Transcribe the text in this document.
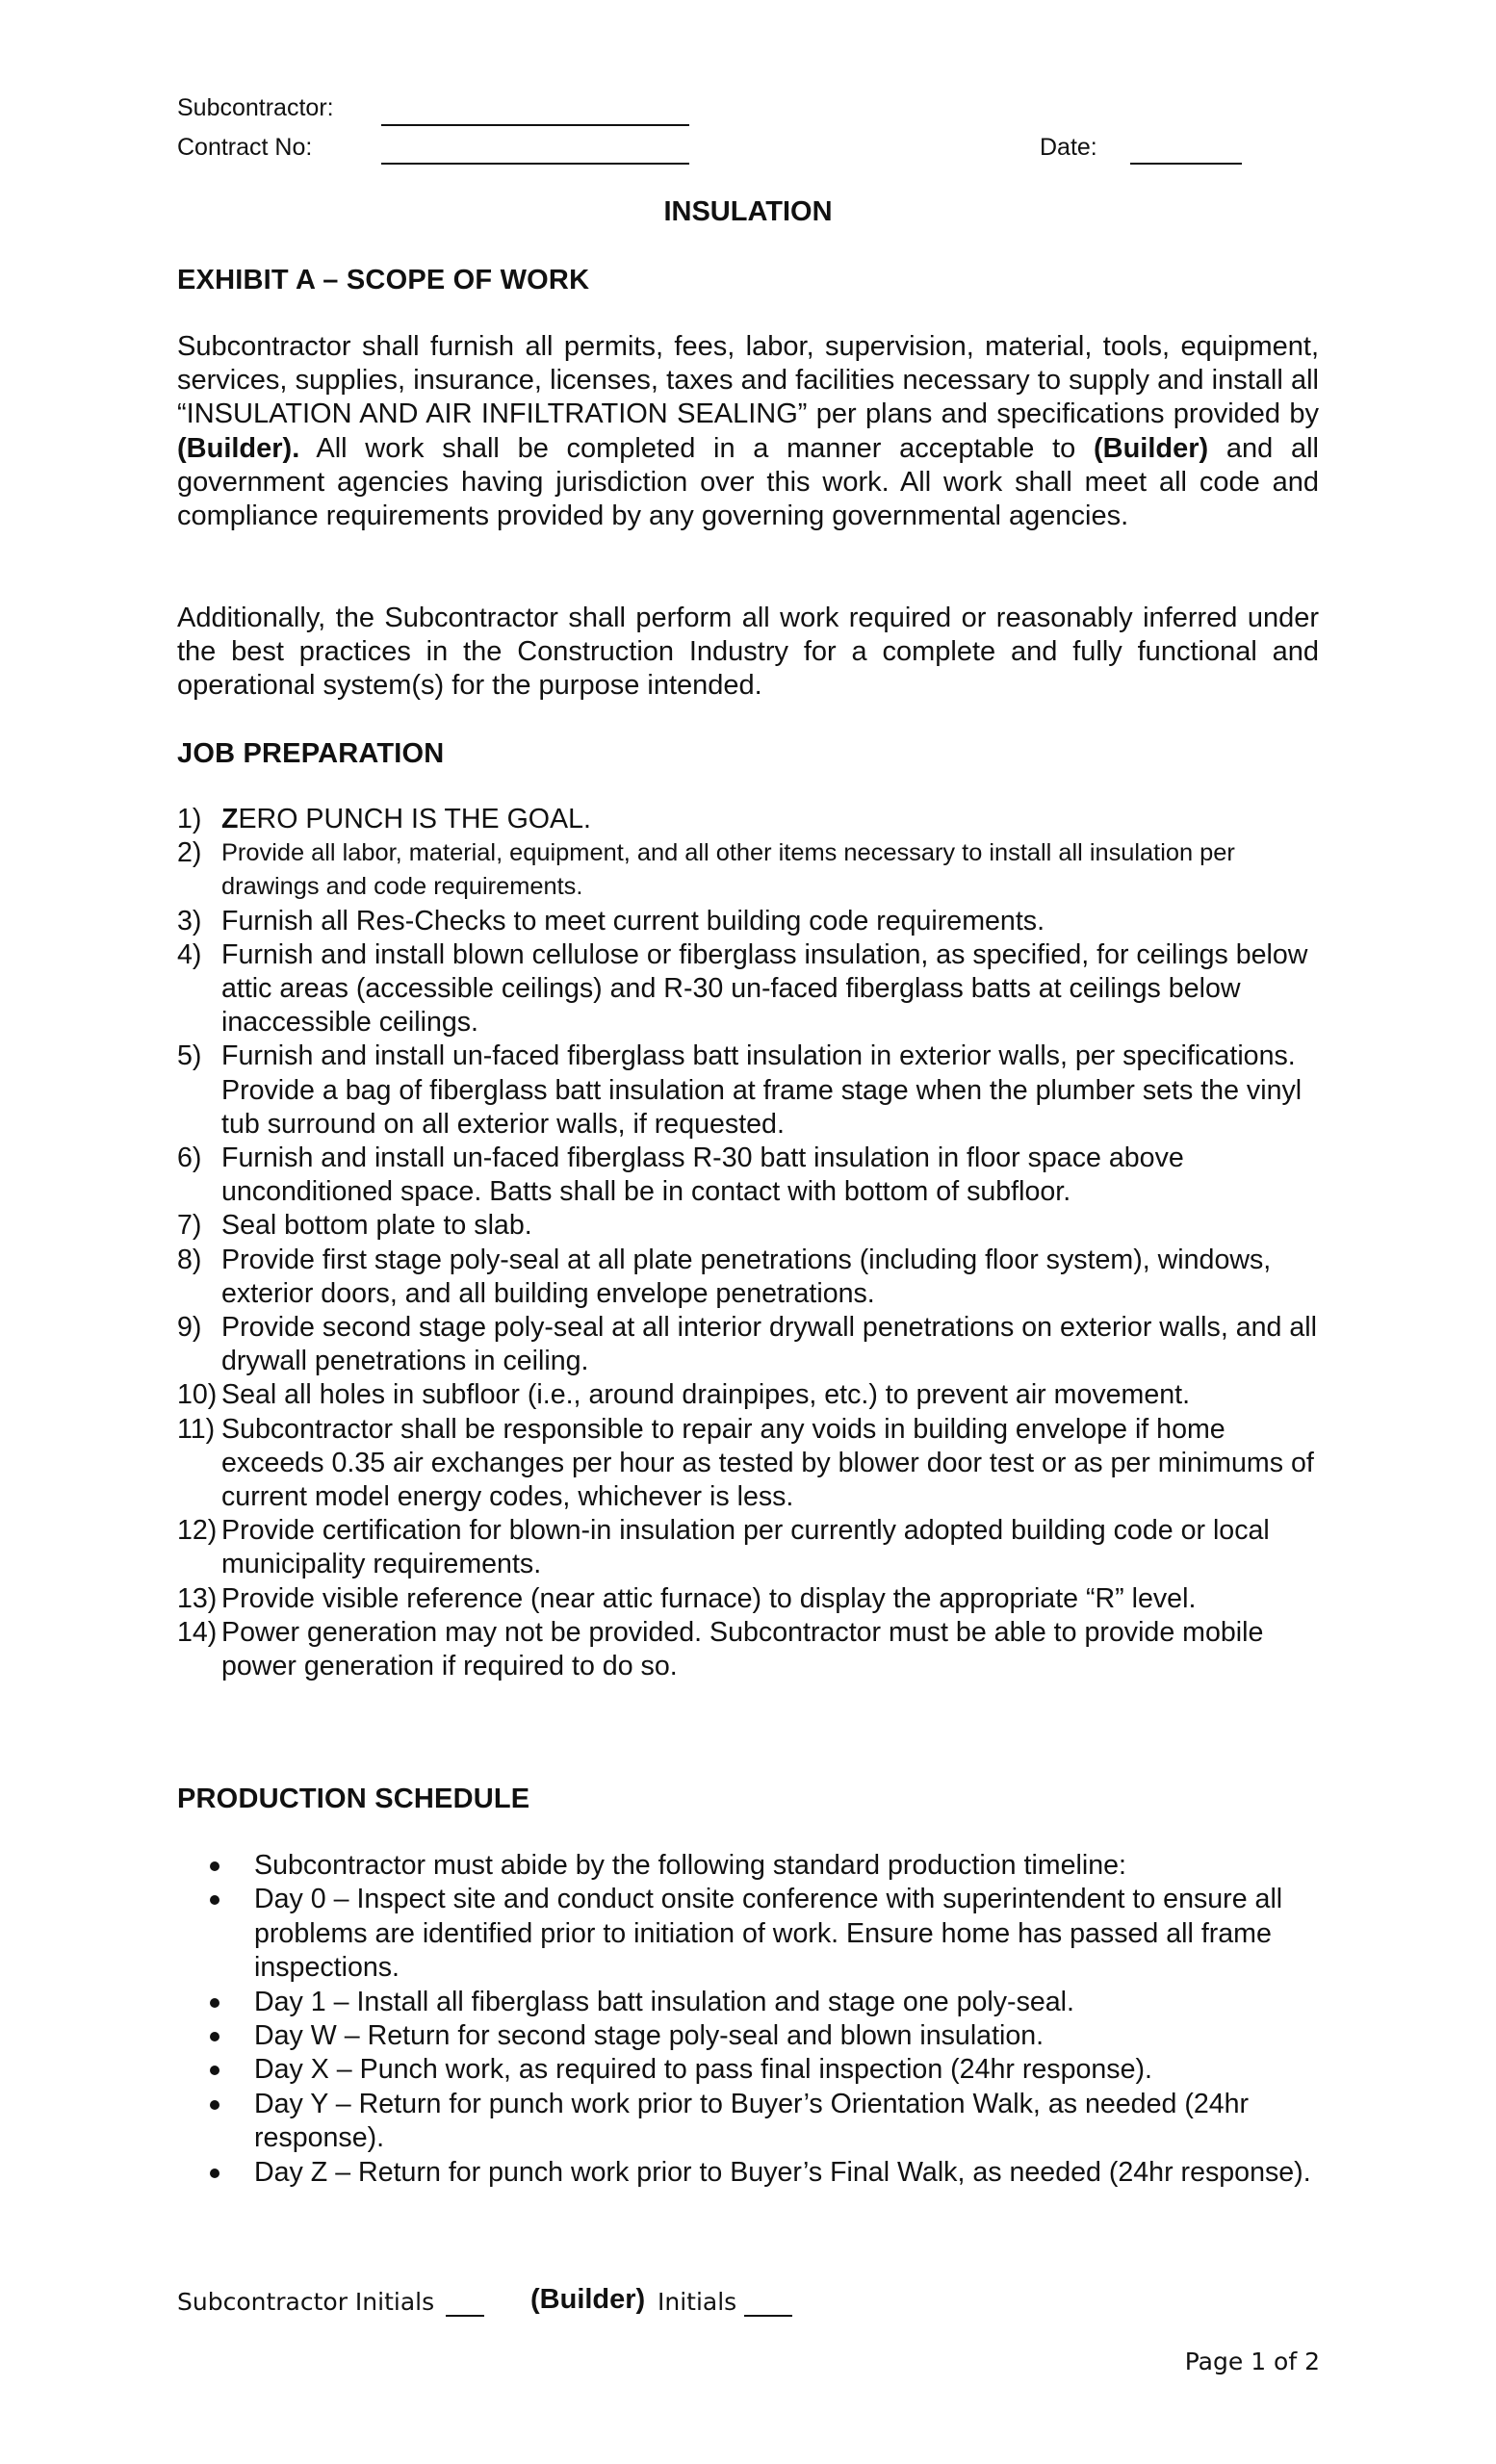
Subcontractor:
Contract No:	Date:
INSULATION
EXHIBIT A – SCOPE OF WORK
Subcontractor shall furnish all permits, fees, labor, supervision, material, tools, equipment, services, supplies, insurance, licenses, taxes and facilities necessary to supply and install all “INSULATION AND AIR INFILTRATION SEALING” per plans and specifications provided by (Builder). All work shall be completed in a manner acceptable to (Builder) and all government agencies having jurisdiction over this work. All work shall meet all code and compliance requirements provided by any governing governmental agencies.
Additionally, the Subcontractor shall perform all work required or reasonably inferred under the best practices in the Construction Industry for a complete and fully functional and operational system(s) for the purpose intended.
JOB PREPARATION
1) ZERO PUNCH IS THE GOAL.
2) Provide all labor, material, equipment, and all other items necessary to install all insulation per drawings and code requirements.
3) Furnish all Res-Checks to meet current building code requirements.
4) Furnish and install blown cellulose or fiberglass insulation, as specified, for ceilings below attic areas (accessible ceilings) and R-30 un-faced fiberglass batts at ceilings below inaccessible ceilings.
5) Furnish and install un-faced fiberglass batt insulation in exterior walls, per specifications. Provide a bag of fiberglass batt insulation at frame stage when the plumber sets the vinyl tub surround on all exterior walls, if requested.
6) Furnish and install un-faced fiberglass R-30 batt insulation in floor space above unconditioned space. Batts shall be in contact with bottom of subfloor.
7) Seal bottom plate to slab.
8) Provide first stage poly-seal at all plate penetrations (including floor system), windows, exterior doors, and all building envelope penetrations.
9) Provide second stage poly-seal at all interior drywall penetrations on exterior walls, and all drywall penetrations in ceiling.
10) Seal all holes in subfloor (i.e., around drainpipes, etc.) to prevent air movement.
11) Subcontractor shall be responsible to repair any voids in building envelope if home exceeds 0.35 air exchanges per hour as tested by blower door test or as per minimums of current model energy codes, whichever is less.
12) Provide certification for blown-in insulation per currently adopted building code or local municipality requirements.
13) Provide visible reference (near attic furnace) to display the appropriate “R” level.
14) Power generation may not be provided. Subcontractor must be able to provide mobile power generation if required to do so.
PRODUCTION SCHEDULE
Subcontractor must abide by the following standard production timeline:
Day 0 – Inspect site and conduct onsite conference with superintendent to ensure all problems are identified prior to initiation of work. Ensure home has passed all frame inspections.
Day 1 – Install all fiberglass batt insulation and stage one poly-seal.
Day W – Return for second stage poly-seal and blown insulation.
Day X – Punch work, as required to pass final inspection (24hr response).
Day Y – Return for punch work prior to Buyer’s Orientation Walk, as needed (24hr response).
Day Z – Return for punch work prior to Buyer’s Final Walk, as needed (24hr response).
Subcontractor Initials	(Builder) Initials
Page 1 of 2
